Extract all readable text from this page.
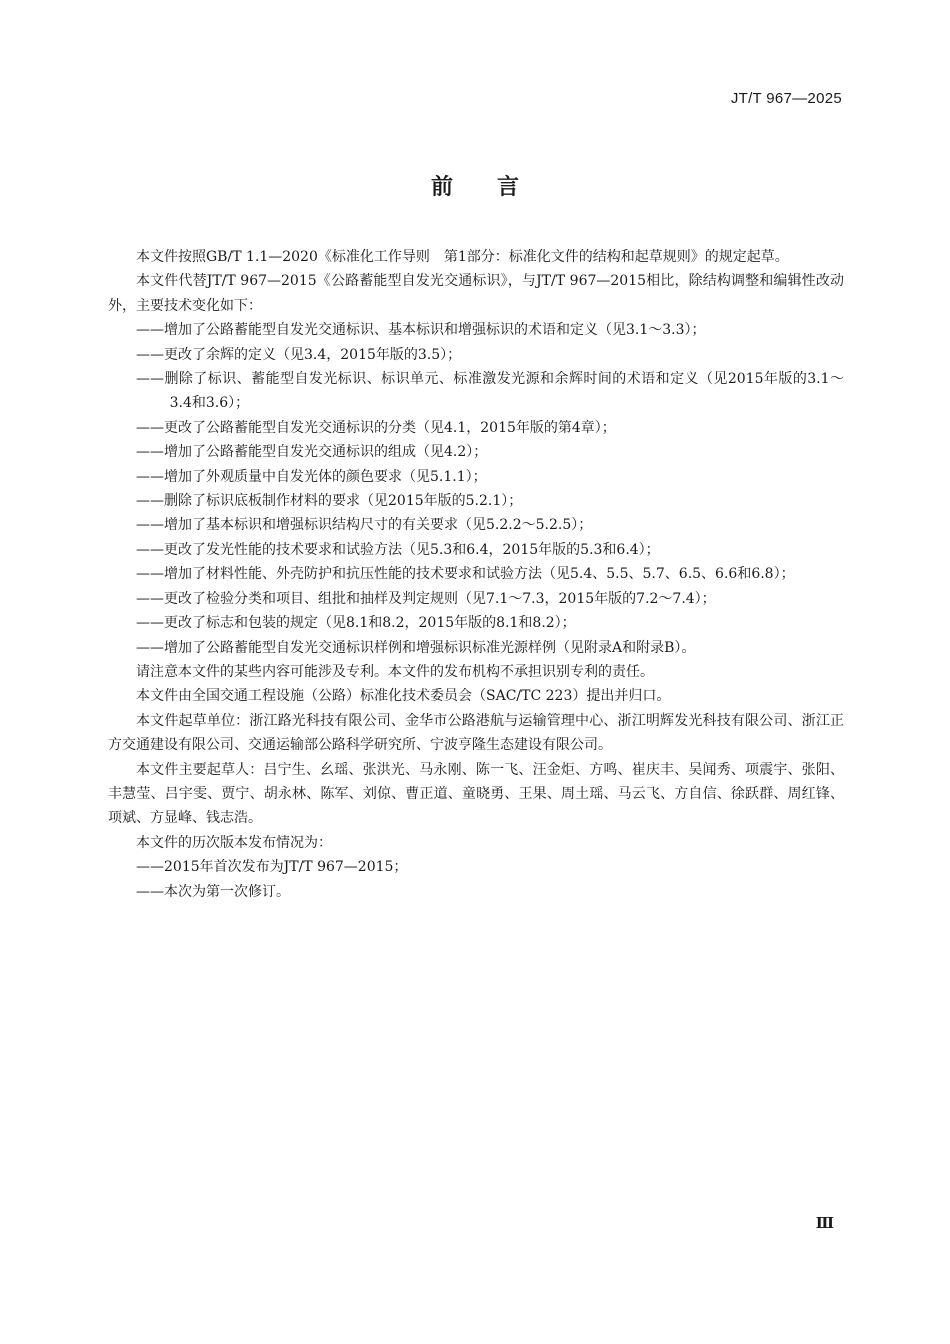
JT/T 967—2025
前言

本文件按照GB/T 1.1—2020《标准化工作导则　第1部分：标准化文件的结构和起草规则》的规定起草。

本文件代替JT/T 967—2015《公路蓄能型自发光交通标识》，与JT/T 967—2015相比，除结构调整和编辑性改动外，主要技术变化如下：

——增加了公路蓄能型自发光交通标识、基本标识和增强标识的术语和定义（见3.1～3.3）；

——更改了余辉的定义（见3.4，2015年版的3.5）；

——删除了标识、蓄能型自发光标识、标识单元、标准激发光源和余辉时间的术语和定义（见2015年版的3.1～3.4和3.6）；

——更改了公路蓄能型自发光交通标识的分类（见4.1，2015年版的第4章）；

——增加了公路蓄能型自发光交通标识的组成（见4.2）；

——增加了外观质量中自发光体的颜色要求（见5.1.1）；

——删除了标识底板制作材料的要求（见2015年版的5.2.1）；

——增加了基本标识和增强标识结构尺寸的有关要求（见5.2.2～5.2.5）；

——更改了发光性能的技术要求和试验方法（见5.3和6.4，2015年版的5.3和6.4）；

——增加了材料性能、外壳防护和抗压性能的技术要求和试验方法（见5.4、5.5、5.7、6.5、6.6和6.8）；

——更改了检验分类和项目、组批和抽样及判定规则（见7.1～7.3，2015年版的7.2～7.4）；

——更改了标志和包装的规定（见8.1和8.2，2015年版的8.1和8.2）；

——增加了公路蓄能型自发光交通标识样例和增强标识标准光源样例（见附录A和附录B）。

请注意本文件的某些内容可能涉及专利。本文件的发布机构不承担识别专利的责任。

本文件由全国交通工程设施（公路）标准化技术委员会（SAC/TC 223）提出并归口。

本文件起草单位：浙江路光科技有限公司、金华市公路港航与运输管理中心、浙江明辉发光科技有限公司、浙江正方交通建设有限公司、交通运输部公路科学研究所、宁波亨隆生态建设有限公司。

本文件主要起草人：吕宁生、幺瑶、张洪光、马永刚、陈一飞、汪金炬、方鸣、崔庆丰、吴闻秀、项震宇、张阳、丰慧莹、吕宇雯、贾宁、胡永林、陈军、刘倞、曹正道、童晓勇、王果、周土瑶、马云飞、方自信、徐跃群、周红锋、项斌、方显峰、钱志浩。

本文件的历次版本发布情况为：

——2015年首次发布为JT/T 967—2015；

——本次为第一次修订。

Ⅲ
